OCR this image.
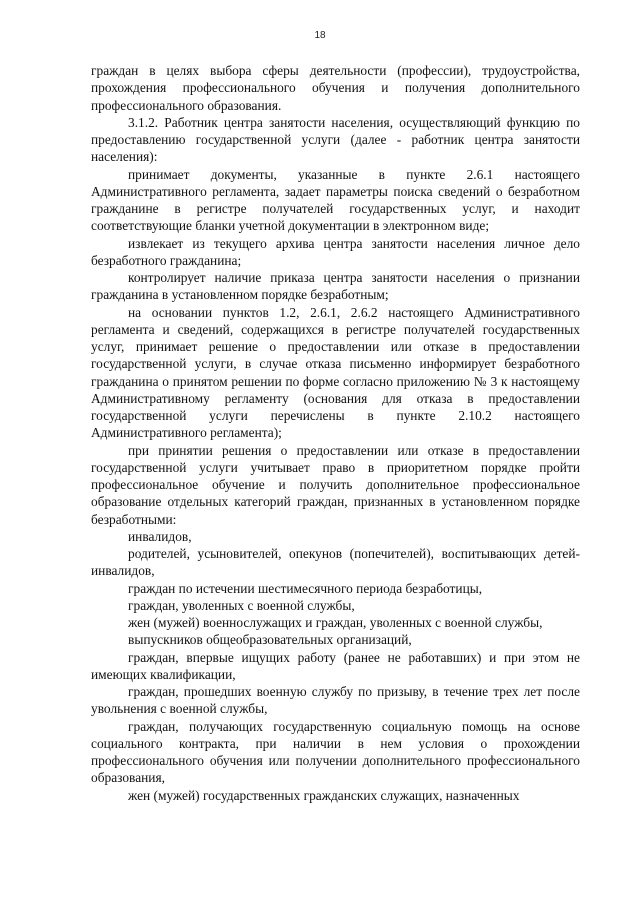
18

граждан в целях выбора сферы деятельности (профессии), трудоустройства, прохождения профессионального обучения и получения дополнительного профессионального образования.

3.1.2. Работник центра занятости населения, осуществляющий функцию по предоставлению государственной услуги (далее - работник центра занятости населения):

принимает документы, указанные в пункте 2.6.1 настоящего Административного регламента, задает параметры поиска сведений о безработном гражданине в регистре получателей государственных услуг, и находит соответствующие бланки учетной документации в электронном виде;

извлекает из текущего архива центра занятости населения личное дело безработного гражданина;

контролирует наличие приказа центра занятости населения о признании гражданина в установленном порядке безработным;

на основании пунктов 1.2, 2.6.1, 2.6.2 настоящего Административного регламента и сведений, содержащихся в регистре получателей государственных услуг, принимает решение о предоставлении или отказе в предоставлении государственной услуги, в случае отказа письменно информирует безработного гражданина о принятом решении по форме согласно приложению № 3 к настоящему Административному регламенту (основания для отказа в предоставлении государственной услуги перечислены в пункте 2.10.2 настоящего Административного регламента);

при принятии решения о предоставлении или отказе в предоставлении государственной услуги учитывает право в приоритетном порядке пройти профессиональное обучение и получить дополнительное профессиональное образование отдельных категорий граждан, признанных в установленном порядке безработными:

инвалидов,

родителей, усыновителей, опекунов (попечителей), воспитывающих детей-инвалидов,

граждан по истечении шестимесячного периода безработицы,

граждан, уволенных с военной службы,

жен (мужей) военнослужащих и граждан, уволенных с военной службы,

выпускников общеобразовательных организаций,

граждан, впервые ищущих работу (ранее не работавших) и при этом не имеющих квалификации,

граждан, прошедших военную службу по призыву, в течение трех лет после увольнения с военной службы,

граждан, получающих государственную социальную помощь на основе социального контракта, при наличии в нем условия о прохождении профессионального обучения или получении дополнительного профессионального образования,

жен (мужей) государственных гражданских служащих, назначенных
